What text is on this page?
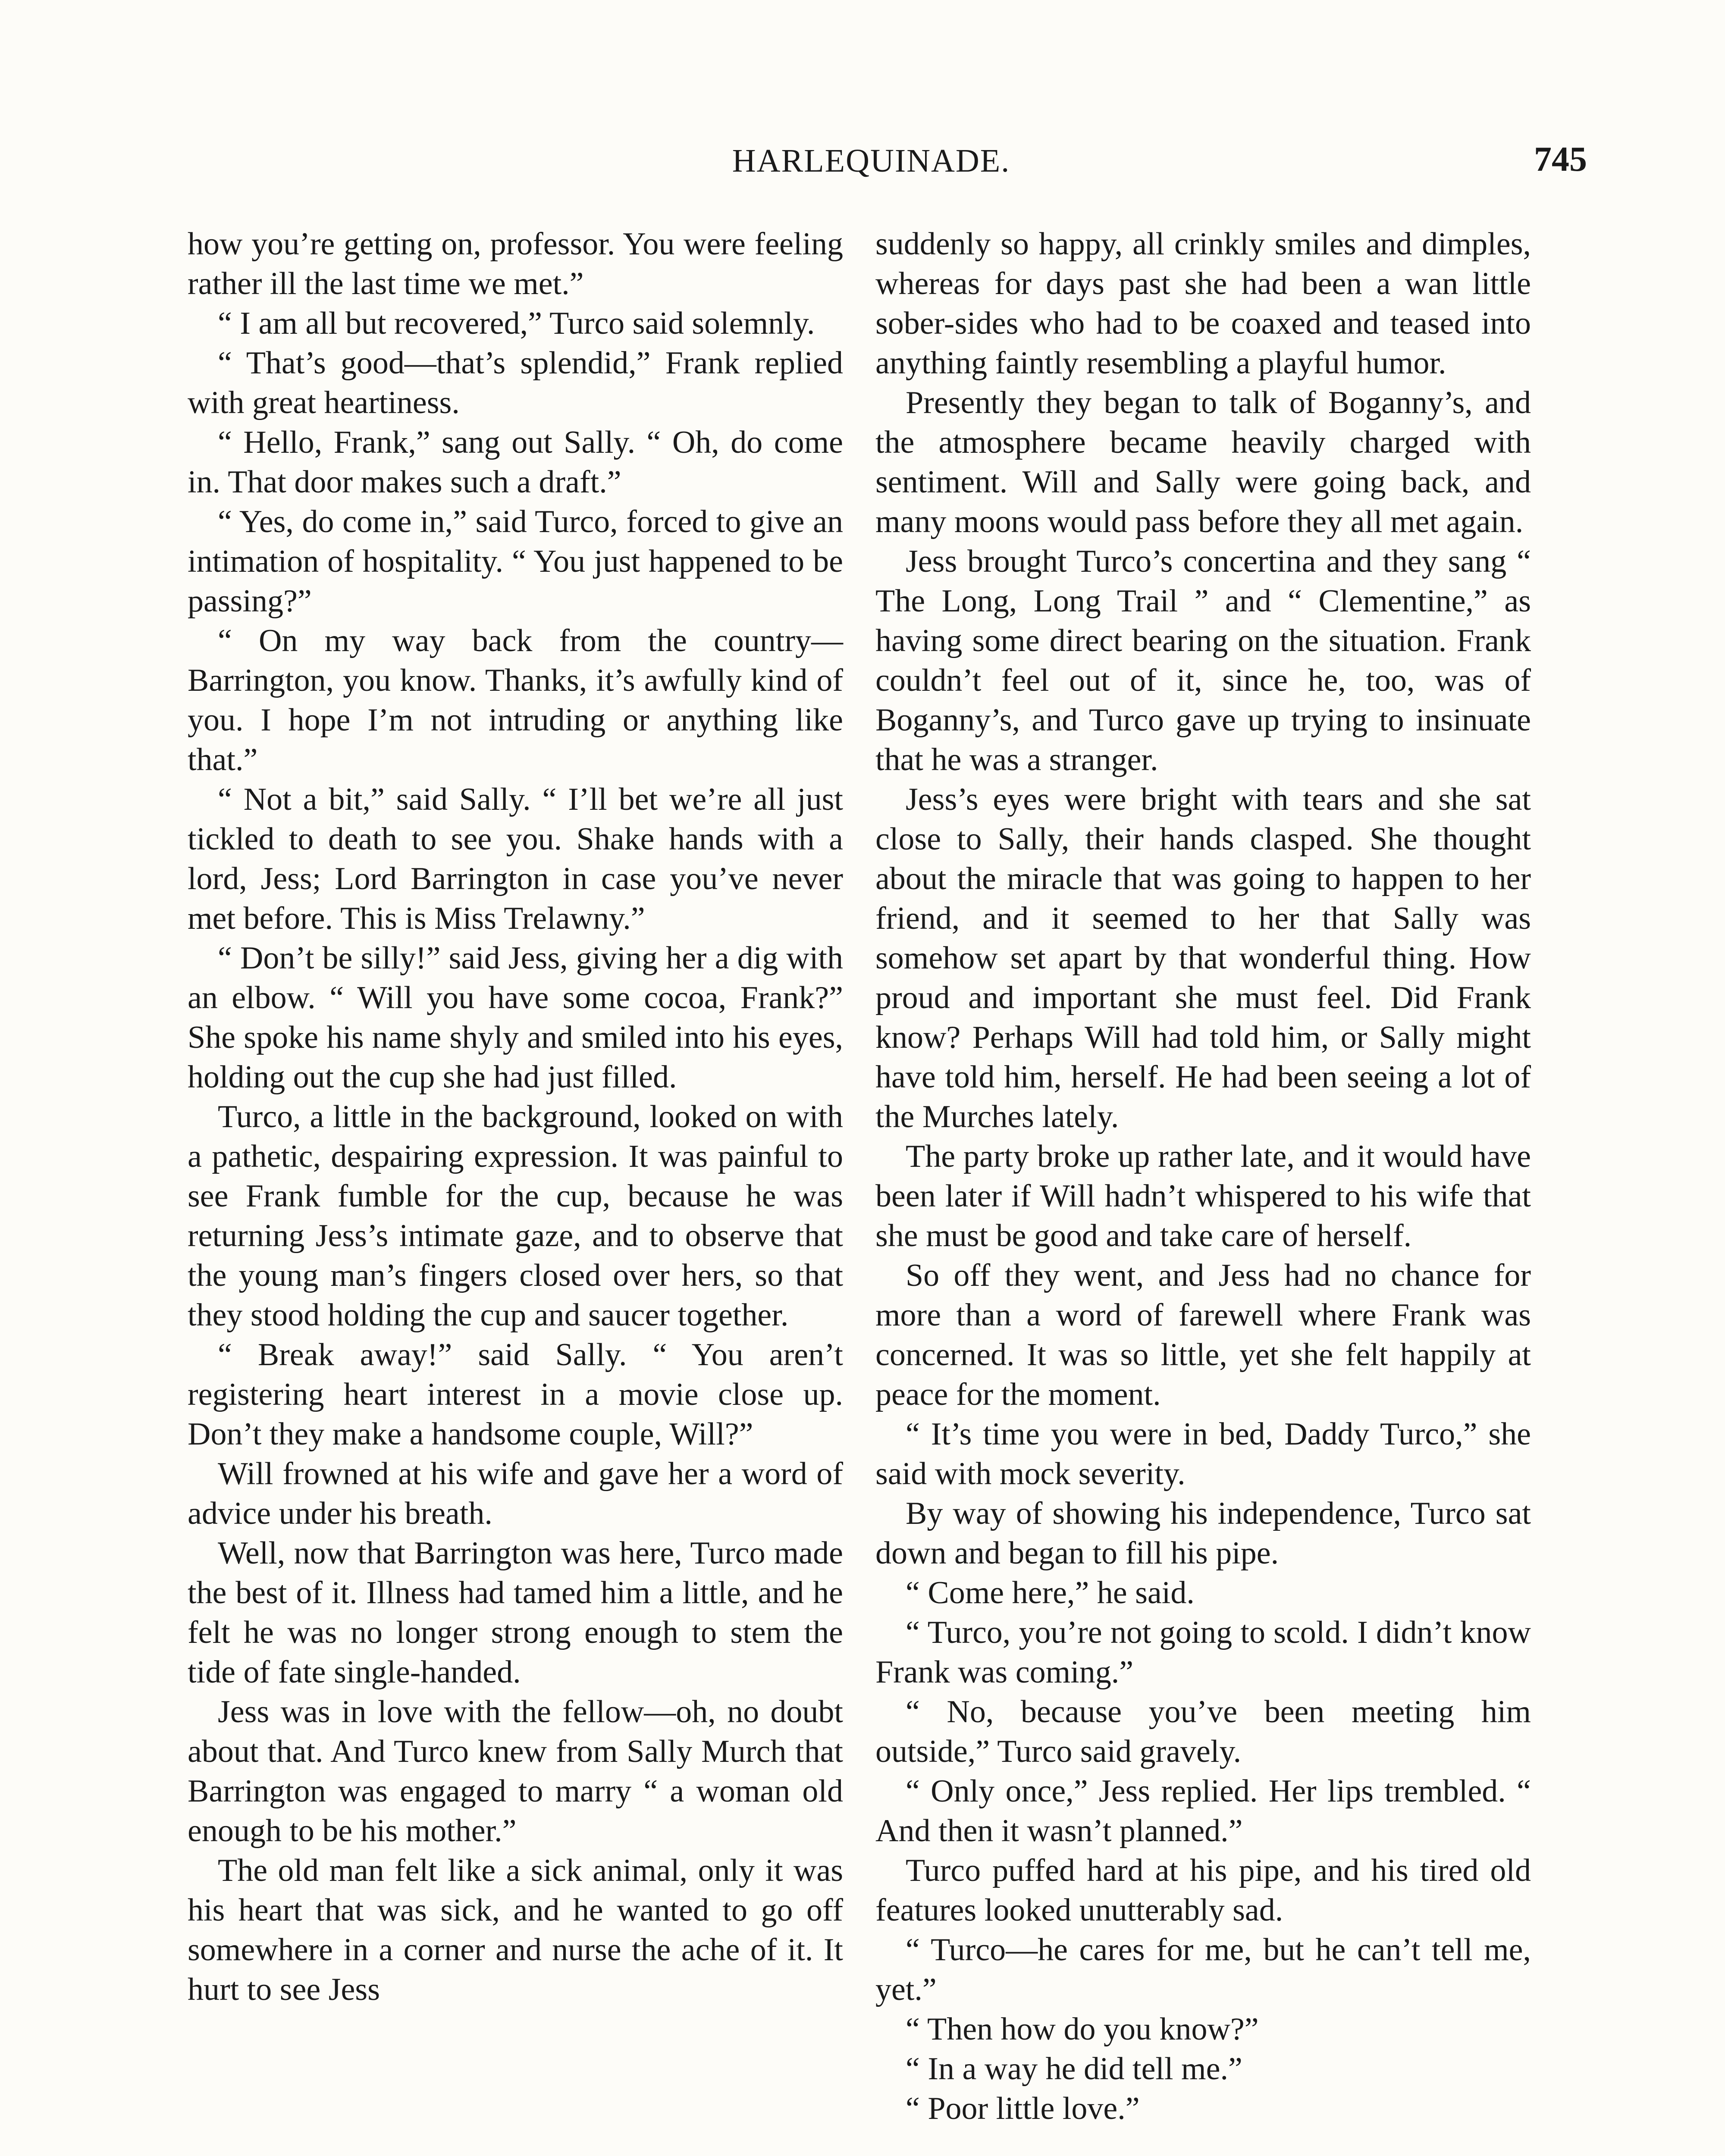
HARLEQUINADE.	745

how you’re getting on, professor. You were feeling rather ill the last time we met.”

“ I am all but recovered,” Turco said solemnly.

“ That’s good—that’s splendid,” Frank replied with great heartiness.

“ Hello, Frank,” sang out Sally. “ Oh, do come in. That door makes such a draft.”

“ Yes, do come in,” said Turco, forced to give an intimation of hospitality. “ You just happened to be passing?”

“ On my way back from the country—Barrington, you know. Thanks, it’s awfully kind of you. I hope I’m not intruding or anything like that.”

“ Not a bit,” said Sally. “ I’ll bet we’re all just tickled to death to see you. Shake hands with a lord, Jess; Lord Barrington in case you’ve never met before. This is Miss Trelawny.”

“ Don’t be silly!” said Jess, giving her a dig with an elbow. “ Will you have some cocoa, Frank?” She spoke his name shyly and smiled into his eyes, holding out the cup she had just filled.

Turco, a little in the background, looked on with a pathetic, despairing expression. It was painful to see Frank fumble for the cup, because he was returning Jess’s intimate gaze, and to observe that the young man’s fingers closed over hers, so that they stood holding the cup and saucer together.

“ Break away!” said Sally. “ You aren’t registering heart interest in a movie close up. Don’t they make a handsome couple, Will?”

Will frowned at his wife and gave her a word of advice under his breath.

Well, now that Barrington was here, Turco made the best of it. Illness had tamed him a little, and he felt he was no longer strong enough to stem the tide of fate single-handed.

Jess was in love with the fellow—oh, no doubt about that. And Turco knew from Sally Murch that Barrington was engaged to marry “ a woman old enough to be his mother.”

The old man felt like a sick animal, only it was his heart that was sick, and he wanted to go off somewhere in a corner and nurse the ache of it. It hurt to see Jess

suddenly so happy, all crinkly smiles and dimples, whereas for days past she had been a wan little sober-sides who had to be coaxed and teased into anything faintly resembling a playful humor.

Presently they began to talk of Boganny’s, and the atmosphere became heavily charged with sentiment. Will and Sally were going back, and many moons would pass before they all met again.

Jess brought Turco’s concertina and they sang “ The Long, Long Trail ” and “ Clementine,” as having some direct bearing on the situation. Frank couldn’t feel out of it, since he, too, was of Boganny’s, and Turco gave up trying to insinuate that he was a stranger.

Jess’s eyes were bright with tears and she sat close to Sally, their hands clasped. She thought about the miracle that was going to happen to her friend, and it seemed to her that Sally was somehow set apart by that wonderful thing. How proud and important she must feel. Did Frank know? Perhaps Will had told him, or Sally might have told him, herself. He had been seeing a lot of the Murches lately.

The party broke up rather late, and it would have been later if Will hadn’t whispered to his wife that she must be good and take care of herself.

So off they went, and Jess had no chance for more than a word of farewell where Frank was concerned. It was so little, yet she felt happily at peace for the moment.

“ It’s time you were in bed, Daddy Turco,” she said with mock severity.

By way of showing his independence, Turco sat down and began to fill his pipe.

“ Come here,” he said.

“ Turco, you’re not going to scold. I didn’t know Frank was coming.”

“ No, because you’ve been meeting him outside,” Turco said gravely.

“ Only once,” Jess replied. Her lips trembled. “ And then it wasn’t planned.”

Turco puffed hard at his pipe, and his tired old features looked unutterably sad.

“ Turco—he cares for me, but he can’t tell me, yet.”

“ Then how do you know?”

“ In a way he did tell me.”

“ Poor little love.”
